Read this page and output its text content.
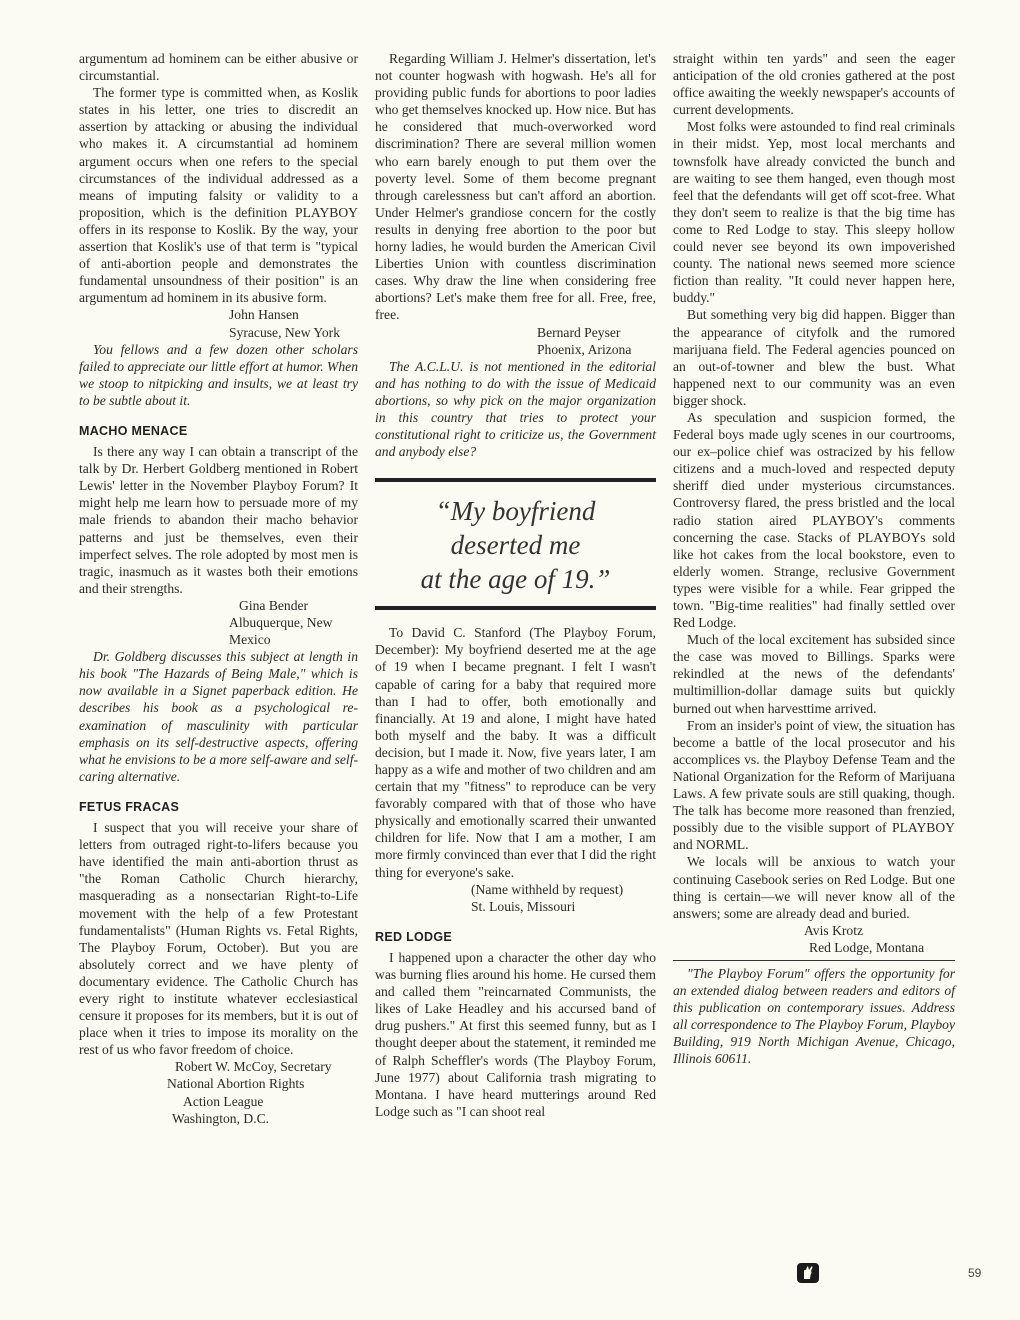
argumentum ad hominem can be either abusive or circumstantial.

The former type is committed when, as Koslik states in his letter, one tries to discredit an assertion by attacking or abusing the individual who makes it. A circumstantial ad hominem argument occurs when one refers to the special circumstances of the individual addressed as a means of imputing falsity or validity to a proposition, which is the definition PLAYBOY offers in its response to Koslik. By the way, your assertion that Koslik's use of that term is "typical of anti-abortion people and demonstrates the fundamental unsoundness of their position" is an argumentum ad hominem in its abusive form.

John Hansen
Syracuse, New York
You fellows and a few dozen other scholars failed to appreciate our little effort at humor. When we stoop to nitpicking and insults, we at least try to be subtle about it.
MACHO MENACE

Is there any way I can obtain a transcript of the talk by Dr. Herbert Goldberg mentioned in Robert Lewis' letter in the November Playboy Forum? It might help me learn how to persuade more of my male friends to abandon their macho behavior patterns and just be themselves, even their imperfect selves. The role adopted by most men is tragic, inasmuch as it wastes both their emotions and their strengths.

Gina Bender
Albuquerque, New Mexico
Dr. Goldberg discusses this subject at length in his book "The Hazards of Being Male," which is now available in a Signet paperback edition. He describes his book as a psychological re-examination of masculinity with particular emphasis on its self-destructive aspects, offering what he envisions to be a more self-aware and self-caring alternative.
FETUS FRACAS

I suspect that you will receive your share of letters from outraged right-to-lifers because you have identified the main anti-abortion thrust as "the Roman Catholic Church hierarchy, masquerading as a nonsectarian Right-to-Life movement with the help of a few Protestant fundamentalists" (Human Rights vs. Fetal Rights, The Playboy Forum, October). But you are absolutely correct and we have plenty of documentary evidence. The Catholic Church has every right to institute whatever ecclesiastical censure it proposes for its members, but it is out of place when it tries to impose its morality on the rest of us who favor freedom of choice.

Robert W. McCoy, Secretary
National Abortion Rights
Action League
Washington, D.C.

Regarding William J. Helmer's dissertation, let's not counter hogwash with hogwash. He's all for providing public funds for abortions to poor ladies who get themselves knocked up. How nice. But has he considered that much-overworked word discrimination? There are several million women who earn barely enough to put them over the poverty level. Some of them become pregnant through carelessness but can't afford an abortion. Under Helmer's grandiose concern for the costly results in denying free abortion to the poor but horny ladies, he would burden the American Civil Liberties Union with countless discrimination cases. Why draw the line when considering free abortions? Let's make them free for all. Free, free, free.

Bernard Peyser
Phoenix, Arizona
The A.C.L.U. is not mentioned in the editorial and has nothing to do with the issue of Medicaid abortions, so why pick on the major organization in this country that tries to protect your constitutional right to criticize us, the Government and anybody else?
“My boyfriend
deserted me
at the age of 19.”

To David C. Stanford (The Playboy Forum, December): My boyfriend deserted me at the age of 19 when I became pregnant. I felt I wasn't capable of caring for a baby that required more than I had to offer, both emotionally and financially. At 19 and alone, I might have hated both myself and the baby. It was a difficult decision, but I made it. Now, five years later, I am happy as a wife and mother of two children and am certain that my "fitness" to reproduce can be very favorably compared with that of those who have physically and emotionally scarred their unwanted children for life. Now that I am a mother, I am more firmly convinced than ever that I did the right thing for everyone's sake.

(Name withheld by request)
St. Louis, Missouri
RED LODGE

I happened upon a character the other day who was burning flies around his home. He cursed them and called them "reincarnated Communists, the likes of Lake Headley and his accursed band of drug pushers." At first this seemed funny, but as I thought deeper about the statement, it reminded me of Ralph Scheffler's words (The Playboy Forum, June 1977) about California trash migrating to Montana. I have heard mutterings around Red Lodge such as "I can shoot real

straight within ten yards" and seen the eager anticipation of the old cronies gathered at the post office awaiting the weekly newspaper's accounts of current developments.

Most folks were astounded to find real criminals in their midst. Yep, most local merchants and townsfolk have already convicted the bunch and are waiting to see them hanged, even though most feel that the defendants will get off scot-free. What they don't seem to realize is that the big time has come to Red Lodge to stay. This sleepy hollow could never see beyond its own impoverished county. The national news seemed more science fiction than reality. "It could never happen here, buddy."

But something very big did happen. Bigger than the appearance of cityfolk and the rumored marijuana field. The Federal agencies pounced on an out-of-towner and blew the bust. What happened next to our community was an even bigger shock.

As speculation and suspicion formed, the Federal boys made ugly scenes in our courtrooms, our ex–police chief was ostracized by his fellow citizens and a much-loved and respected deputy sheriff died under mysterious circumstances. Controversy flared, the press bristled and the local radio station aired PLAYBOY's comments concerning the case. Stacks of PLAYBOYs sold like hot cakes from the local bookstore, even to elderly women. Strange, reclusive Government types were visible for a while. Fear gripped the town. "Big-time realities" had finally settled over Red Lodge.

Much of the local excitement has subsided since the case was moved to Billings. Sparks were rekindled at the news of the defendants' multimillion-dollar damage suits but quickly burned out when harvesttime arrived.

From an insider's point of view, the situation has become a battle of the local prosecutor and his accomplices vs. the Playboy Defense Team and the National Organization for the Reform of Marijuana Laws. A few private souls are still quaking, though. The talk has become more reasoned than frenzied, possibly due to the visible support of PLAYBOY and NORML.

We locals will be anxious to watch your continuing Casebook series on Red Lodge. But one thing is certain—we will never know all of the answers; some are already dead and buried.

Avis Krotz
Red Lodge, Montana
"The Playboy Forum" offers the opportunity for an extended dialog between readers and editors of this publication on contemporary issues. Address all correspondence to The Playboy Forum, Playboy Building, 919 North Michigan Avenue, Chicago, Illinois 60611.
59
